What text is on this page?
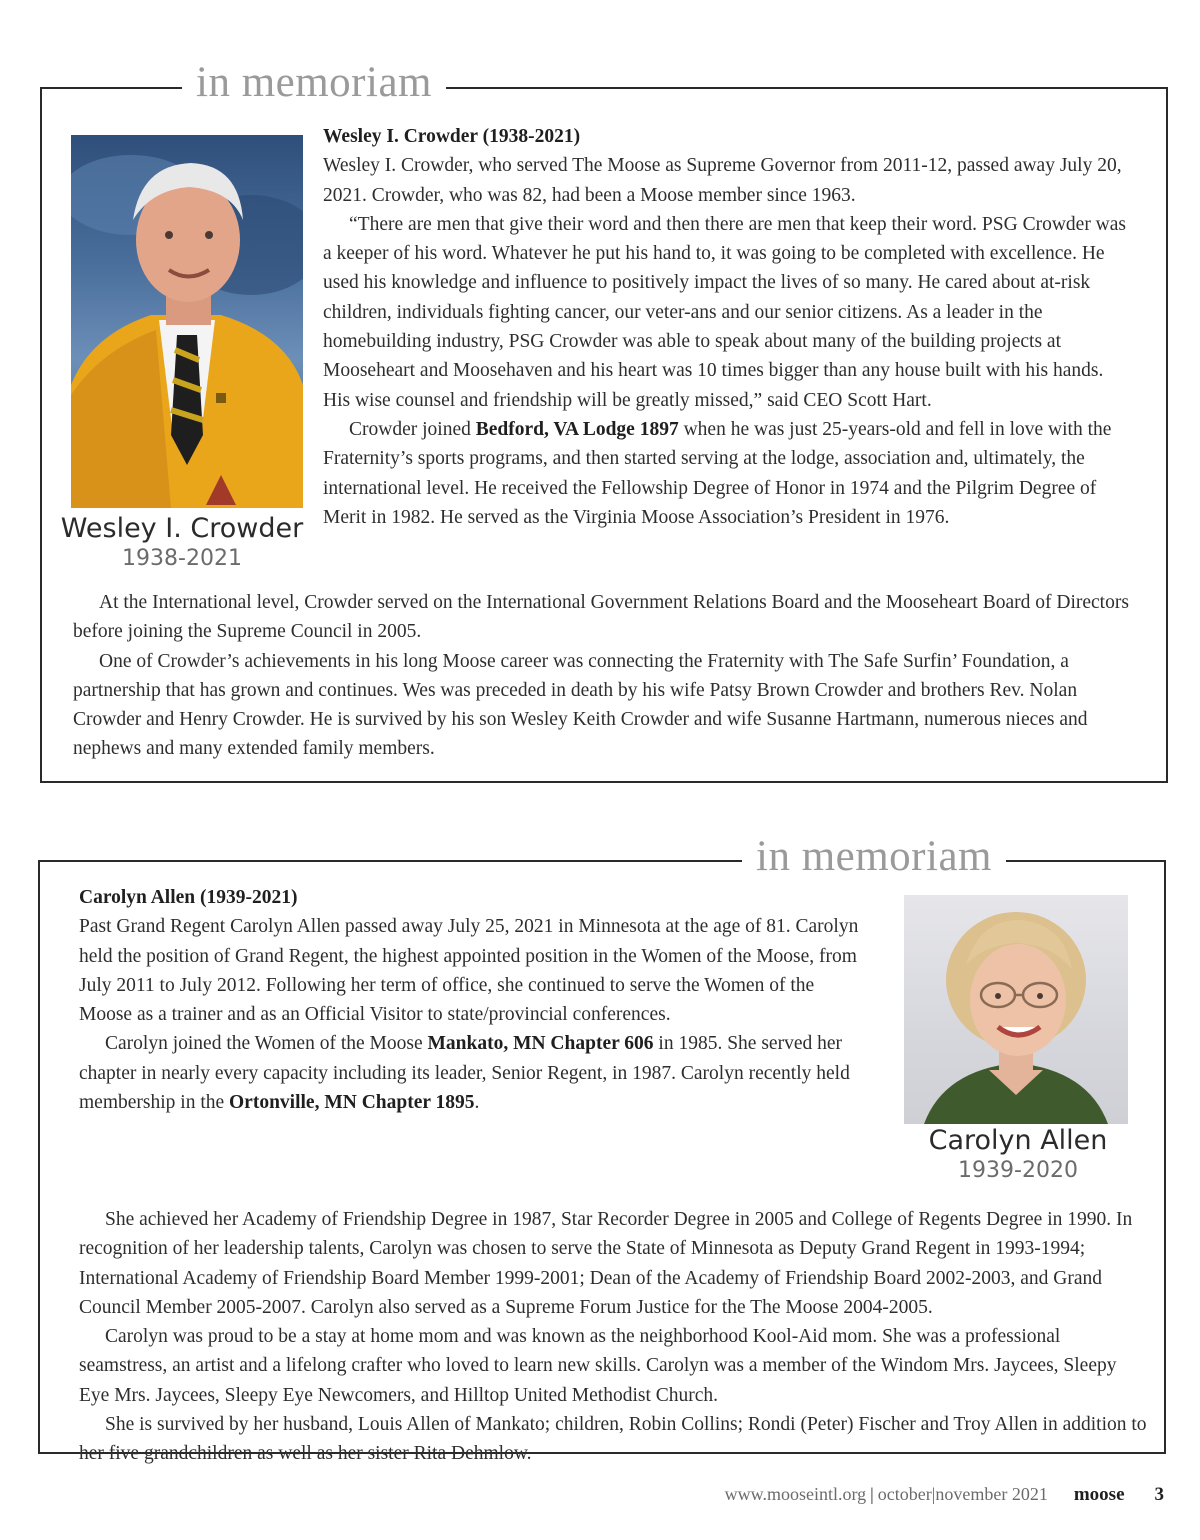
in memoriam
Wesley I. Crowder
1938-2021

Wesley I. Crowder (1938-2021)

Wesley I. Crowder, who served The Moose as Supreme Governor from 2011-12, passed away July 20, 2021. Crowder, who was 82, had been a Moose member since 1963.

“There are men that give their word and then there are men that keep their word. PSG Crowder was a keeper of his word. Whatever he put his hand to, it was going to be completed with excellence. He used his knowledge and influence to positively impact the lives of so many. He cared about at-risk children, individuals fighting cancer, our veter-ans and our senior citizens. As a leader in the homebuilding industry, PSG Crowder was able to speak about many of the building projects at Mooseheart and Moosehaven and his heart was 10 times bigger than any house built with his hands. His wise counsel and friendship will be greatly missed,” said CEO Scott Hart.

Crowder joined Bedford, VA Lodge 1897 when he was just 25-years-old and fell in love with the Fraternity’s sports programs, and then started serving at the lodge, association and, ultimately, the international level. He received the Fellowship Degree of Honor in 1974 and the Pilgrim Degree of Merit in 1982. He served as the Virginia Moose Association’s President in 1976.

At the International level, Crowder served on the International Government Relations Board and the Mooseheart Board of Directors before joining the Supreme Council in 2005.

One of Crowder’s achievements in his long Moose career was connecting the Fraternity with The Safe Surfin’ Foundation, a partnership that has grown and continues. Wes was preceded in death by his wife Patsy Brown Crowder and brothers Rev. Nolan Crowder and Henry Crowder. He is survived by his son Wesley Keith Crowder and wife Susanne Hartmann, numerous nieces and nephews and many extended family members.

in memoriam
Carolyn Allen
1939-2020

Carolyn Allen (1939-2021)

Past Grand Regent Carolyn Allen passed away July 25, 2021 in Minnesota at the age of 81. Carolyn held the position of Grand Regent, the highest appointed position in the Women of the Moose, from July 2011 to July 2012. Following her term of office, she continued to serve the Women of the Moose as a trainer and as an Official Visitor to state/provincial conferences.

Carolyn joined the Women of the Moose Mankato, MN Chapter 606 in 1985. She served her chapter in nearly every capacity including its leader, Senior Regent, in 1987. Carolyn recently held membership in the Ortonville, MN Chapter 1895.

She achieved her Academy of Friendship Degree in 1987, Star Recorder Degree in 2005 and College of Regents Degree in 1990. In recognition of her leadership talents, Carolyn was chosen to serve the State of Minnesota as Deputy Grand Regent in 1993-1994; International Academy of Friendship Board Member 1999-2001; Dean of the Academy of Friendship Board 2002-2003, and Grand Council Member 2005-2007. Carolyn also served as a Supreme Forum Justice for the The Moose 2004-2005.

Carolyn was proud to be a stay at home mom and was known as the neighborhood Kool-Aid mom. She was a professional seamstress, an artist and a lifelong crafter who loved to learn new skills. Carolyn was a member of the Windom Mrs. Jaycees, Sleepy Eye Mrs. Jaycees, Sleepy Eye Newcomers, and Hilltop United Methodist Church.

She is survived by her husband, Louis Allen of Mankato; children, Robin Collins; Rondi (Peter) Fischer and Troy Allen in addition to her five grandchildren as well as her sister Rita Dehmlow.

www.mooseintl.org | october|november 2021 moose 3
